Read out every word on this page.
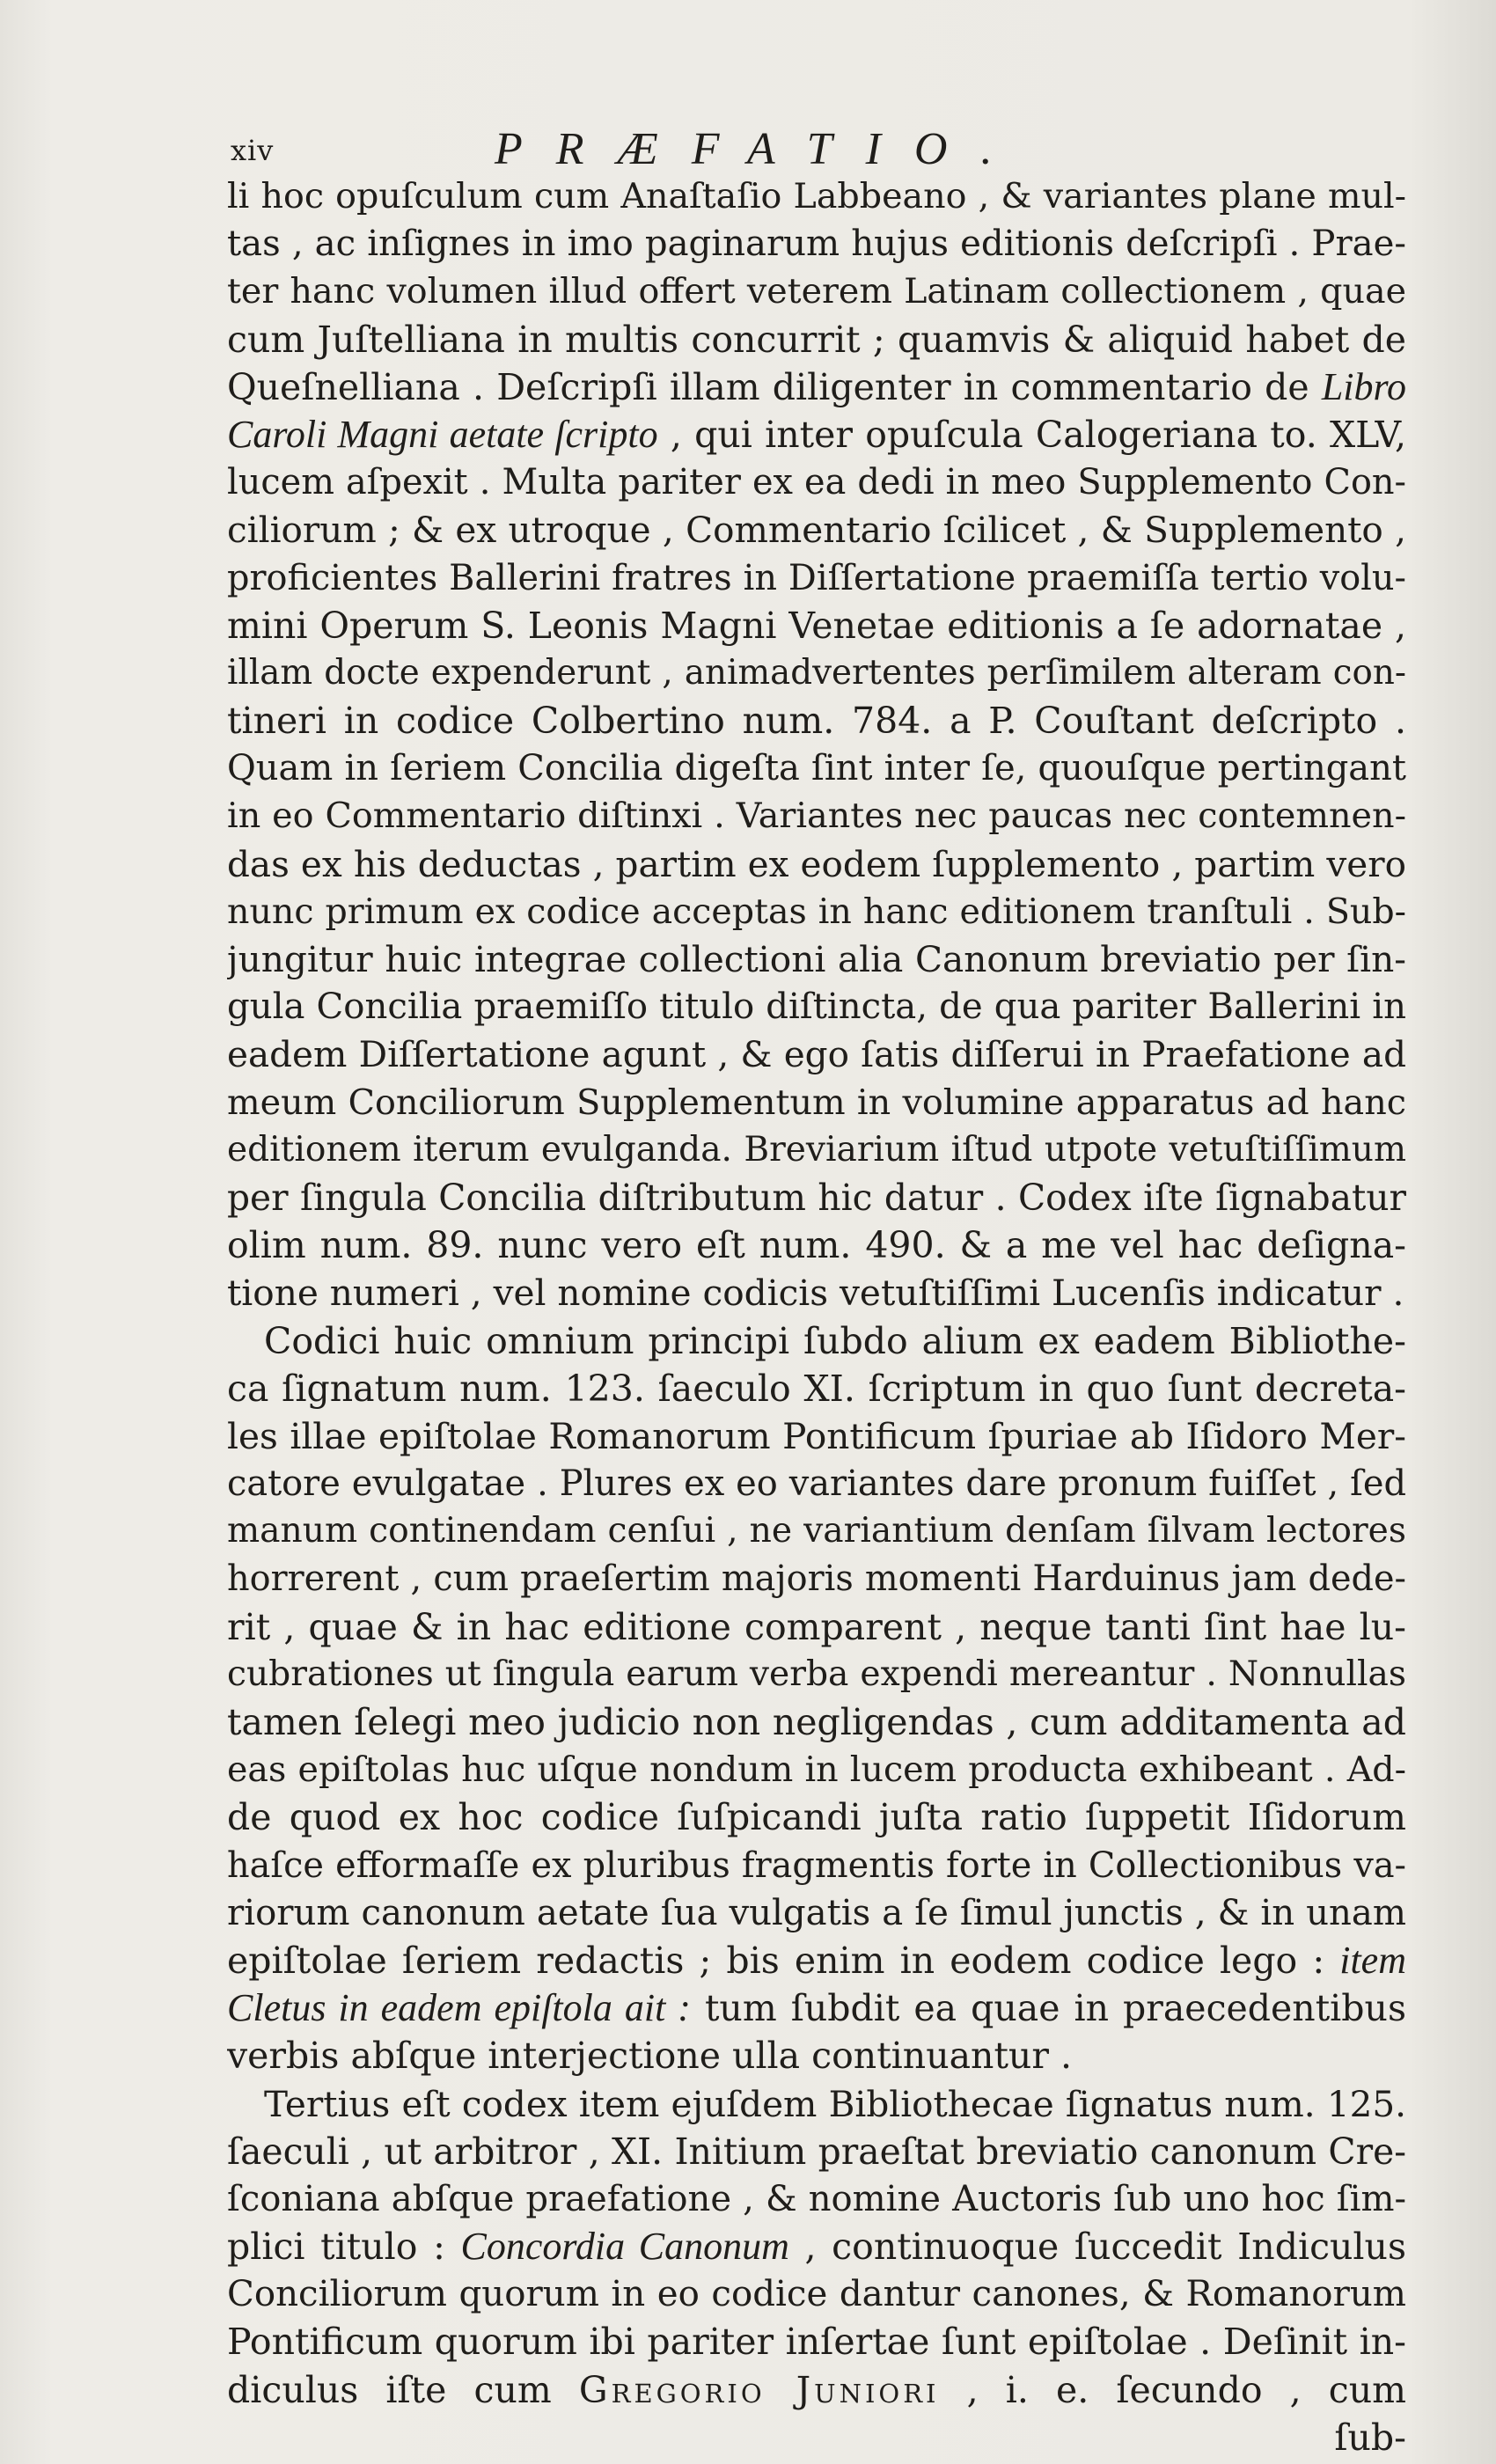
xiv	PRÆFATIO.
li hoc opuſculum cum Anaſtaſio Labbeano , & variantes plane mul-
tas , ac inſignes in imo paginarum hujus editionis deſcripſi . Prae-
ter hanc volumen illud offert veterem Latinam collectionem , quae
cum Juſtelliana in multis concurrit ; quamvis & aliquid habet de
Queſnelliana . Deſcripſi illam diligenter in commentario de Libro
Caroli Magni aetate ſcripto , qui inter opuſcula Calogeriana to. XLV,
lucem aſpexit . Multa pariter ex ea dedi in meo Supplemento Con-
ciliorum ; & ex utroque , Commentario ſcilicet , & Supplemento ,
proficientes Ballerini fratres in Diſſertatione praemiſſa tertio volu-
mini Operum S. Leonis Magni Venetae editionis a ſe adornatae ,
illam docte expenderunt , animadvertentes perſimilem alteram con-
tineri in codice Colbertino num. 784. a P. Couſtant deſcripto .
Quam in ſeriem Concilia digeſta ſint inter ſe, quouſque pertingant
in eo Commentario diſtinxi . Variantes nec paucas nec contemnen-
das ex his deductas , partim ex eodem ſupplemento , partim vero
nunc primum ex codice acceptas in hanc editionem tranſtuli . Sub-
jungitur huic integrae collectioni alia Canonum breviatio per ſin-
gula Concilia praemiſſo titulo diſtincta, de qua pariter Ballerini in
eadem Diſſertatione agunt , & ego ſatis diſſerui in Praefatione ad
meum Conciliorum Supplementum in volumine apparatus ad hanc
editionem iterum evulganda. Breviarium iſtud utpote vetuſtiſſimum
per ſingula Concilia diſtributum hic datur . Codex iſte ſignabatur
olim num. 89. nunc vero eſt num. 490. & a me vel hac deſigna-
tione numeri , vel nomine codicis vetuſtiſſimi Lucenſis indicatur .
Codici huic omnium principi ſubdo alium ex eadem Bibliothe-
ca ſignatum num. 123. ſaeculo XI. ſcriptum in quo ſunt decreta-
les illae epiſtolae Romanorum Pontificum ſpuriae ab Iſidoro Mer-
catore evulgatae . Plures ex eo variantes dare pronum fuiſſet , ſed
manum continendam cenſui , ne variantium denſam ſilvam lectores
horrerent , cum praeſertim majoris momenti Harduinus jam dede-
rit , quae & in hac editione comparent , neque tanti ſint hae lu-
cubrationes ut ſingula earum verba expendi mereantur . Nonnullas
tamen ſelegi meo judicio non negligendas , cum additamenta ad
eas epiſtolas huc uſque nondum in lucem producta exhibeant . Ad-
de quod ex hoc codice ſuſpicandi juſta ratio ſuppetit Iſidorum
haſce efformaſſe ex pluribus fragmentis forte in Collectionibus va-
riorum canonum aetate ſua vulgatis a ſe ſimul junctis , & in unam
epiſtolae ſeriem redactis ; bis enim in eodem codice lego : item
Cletus in eadem epiſtola ait : tum ſubdit ea quae in praecedentibus
verbis abſque interjectione ulla continuantur .
Tertius eſt codex item ejuſdem Bibliothecae ſignatus num. 125.
ſaeculi , ut arbitror , XI. Initium praeſtat breviatio canonum Cre-
ſconiana abſque praefatione , & nomine Auctoris ſub uno hoc ſim-
plici titulo : Concordia Canonum , continuoque ſuccedit Indiculus
Conciliorum quorum in eo codice dantur canones, & Romanorum
Pontificum quorum ibi pariter inſertae ſunt epiſtolae . Deſinit in-
diculus iſte cum Gregorio Juniori , i. e. ſecundo , cum
ſub-
